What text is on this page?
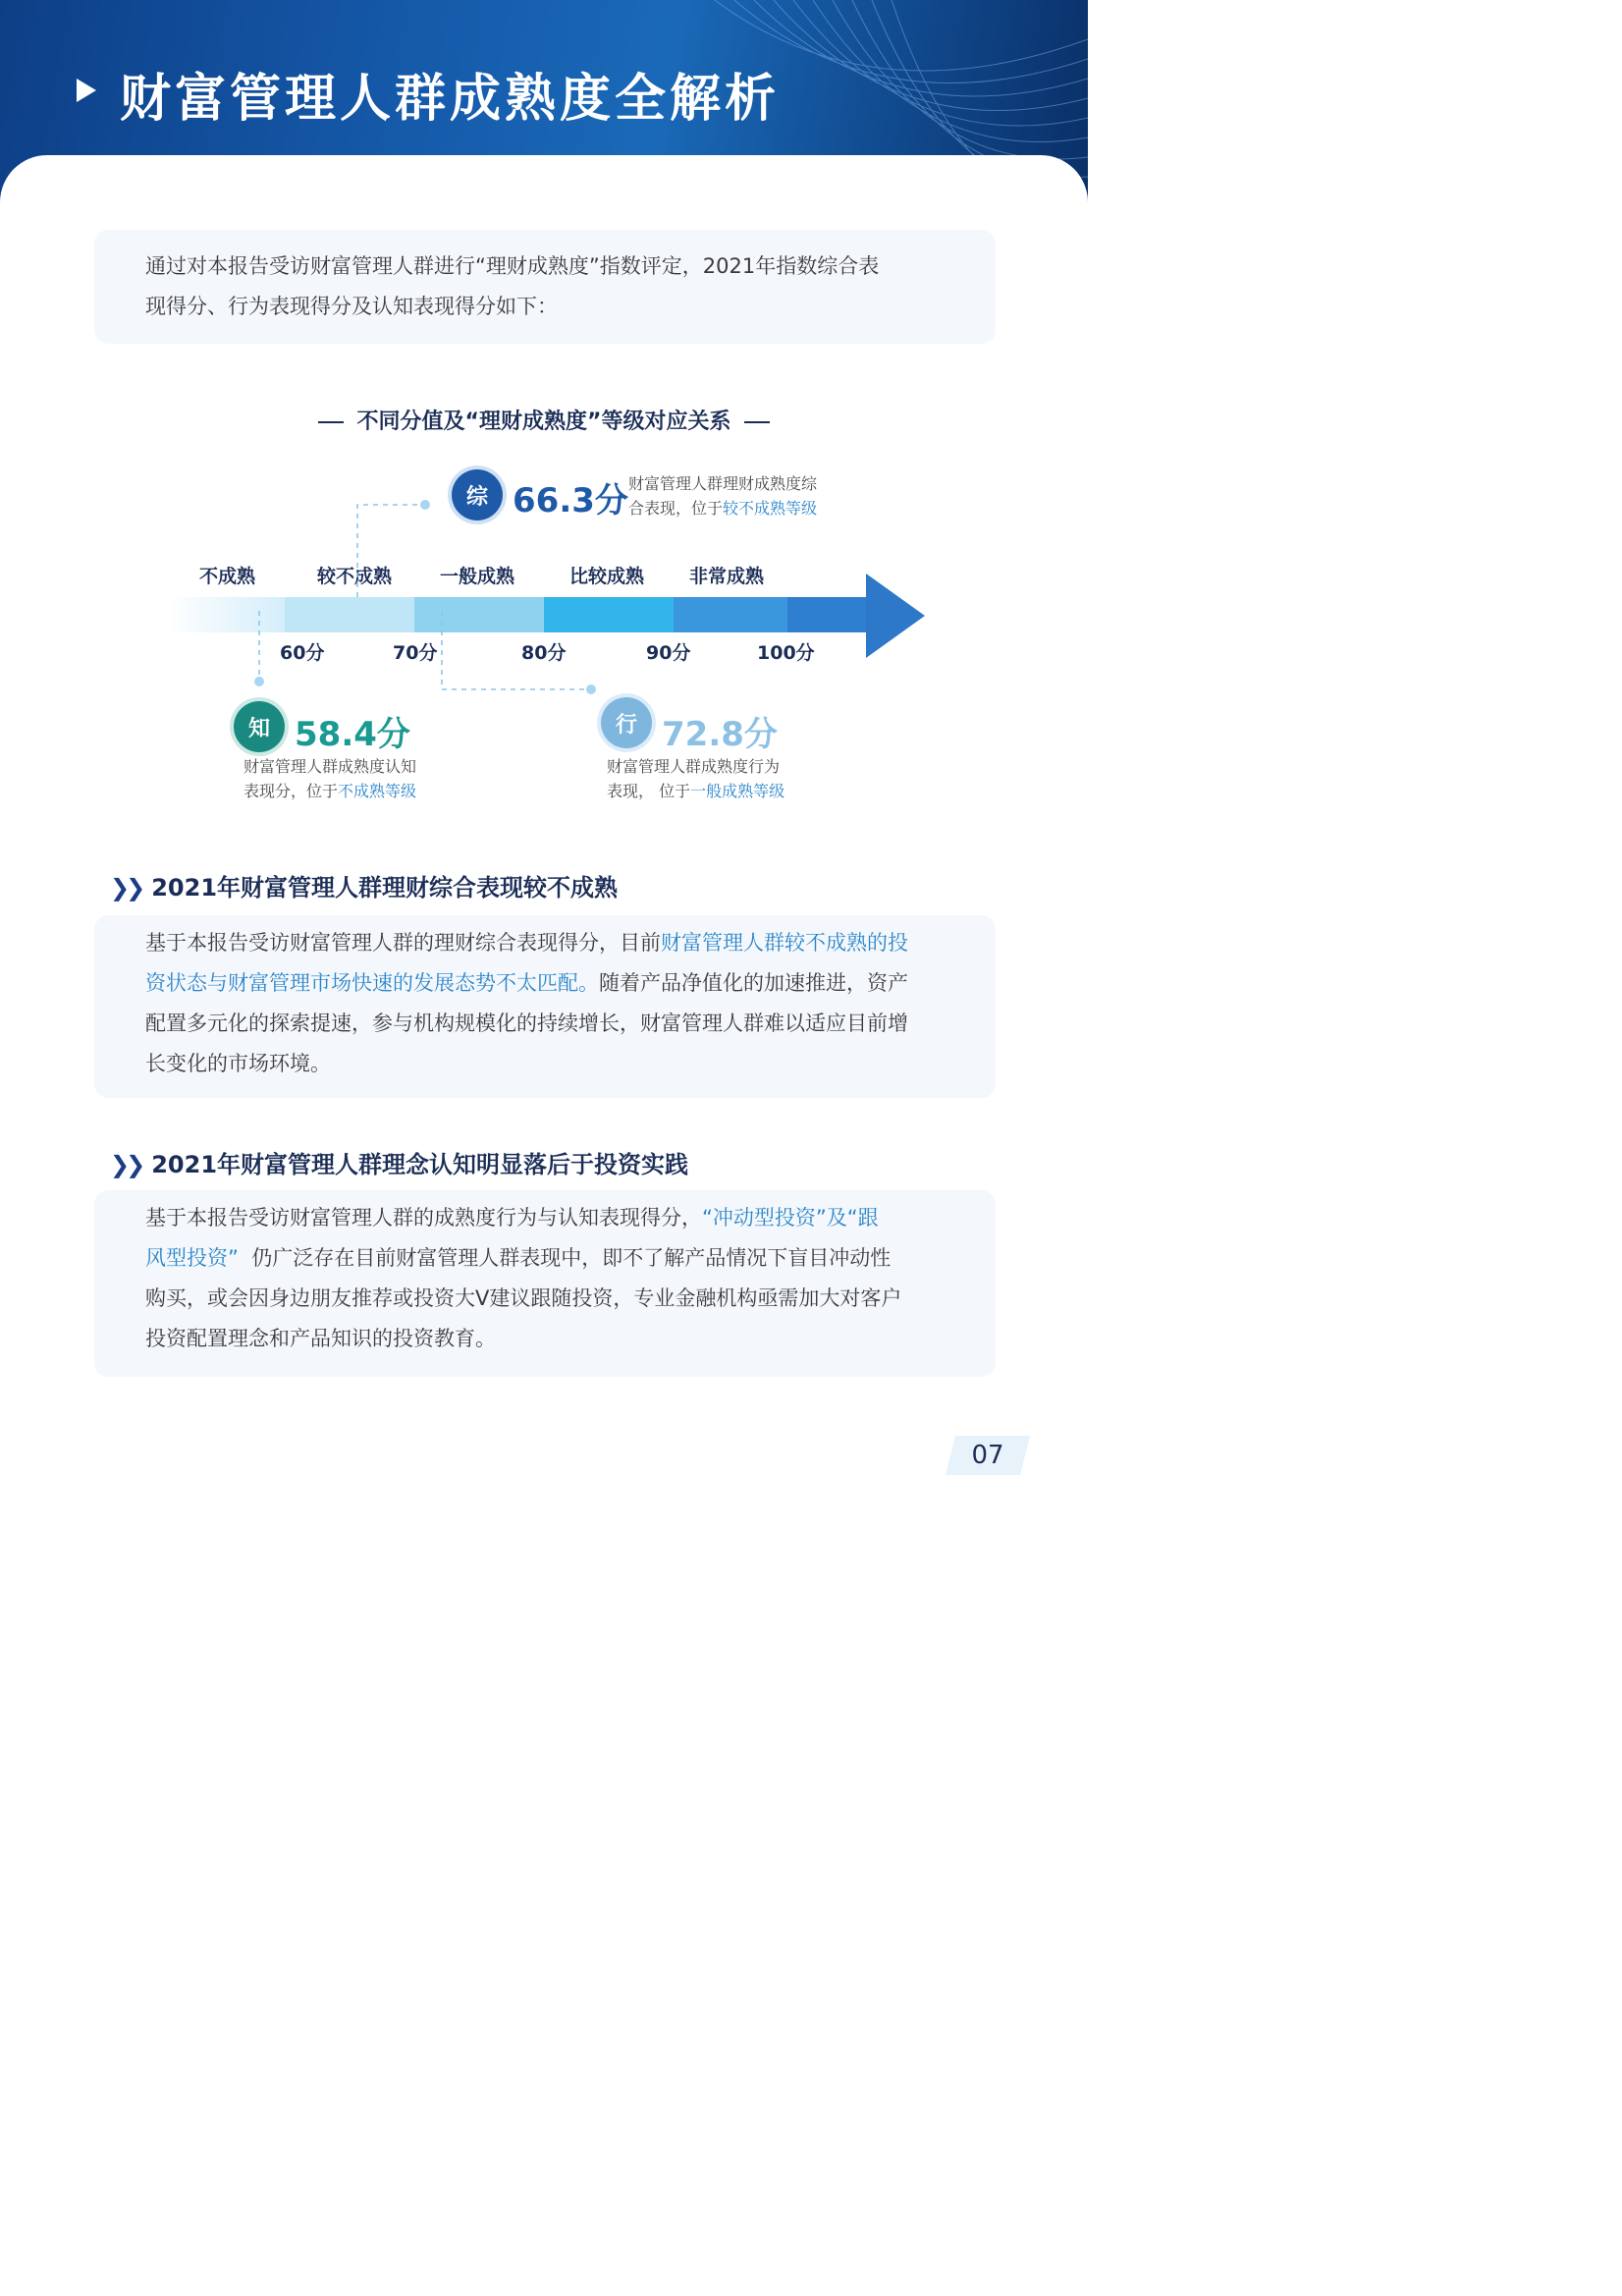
财富管理人群成熟度全解析
通过对本报告受访财富管理人群进行“理财成熟度”指数评定，2021年指数综合表
现得分、行为表现得分及认知表现得分如下：
不同分值及“理财成熟度”等级对应关系
不成熟	较不成熟	一般成熟	比较成熟 非常成熟
60分	70分	80分	90分	100分
综 66.3分 财富管理人群理财成熟度综
合表现，位于较不成熟等级
知 58.4分
财富管理人群成熟度认知
表现分，位于不成熟等级
行 72.8分
财富管理人群成熟度行为
表现， 位于一般成熟等级
❯❯ 2021年财富管理人群理财综合表现较不成熟
基于本报告受访财富管理人群的理财综合表现得分，目前财富管理人群较不成熟的投
资状态与财富管理市场快速的发展态势不太匹配。随着产品净值化的加速推进，资产
配置多元化的探索提速，参与机构规模化的持续增长，财富管理人群难以适应目前增
长变化的市场环境。
❯❯ 2021年财富管理人群理念认知明显落后于投资实践
基于本报告受访财富管理人群的成熟度行为与认知表现得分，“冲动型投资”及“跟
风型投资”  仍广泛存在目前财富管理人群表现中，即不了解产品情况下盲目冲动性
购买，或会因身边朋友推荐或投资大V建议跟随投资，专业金融机构亟需加大对客户
投资配置理念和产品知识的投资教育。
07
